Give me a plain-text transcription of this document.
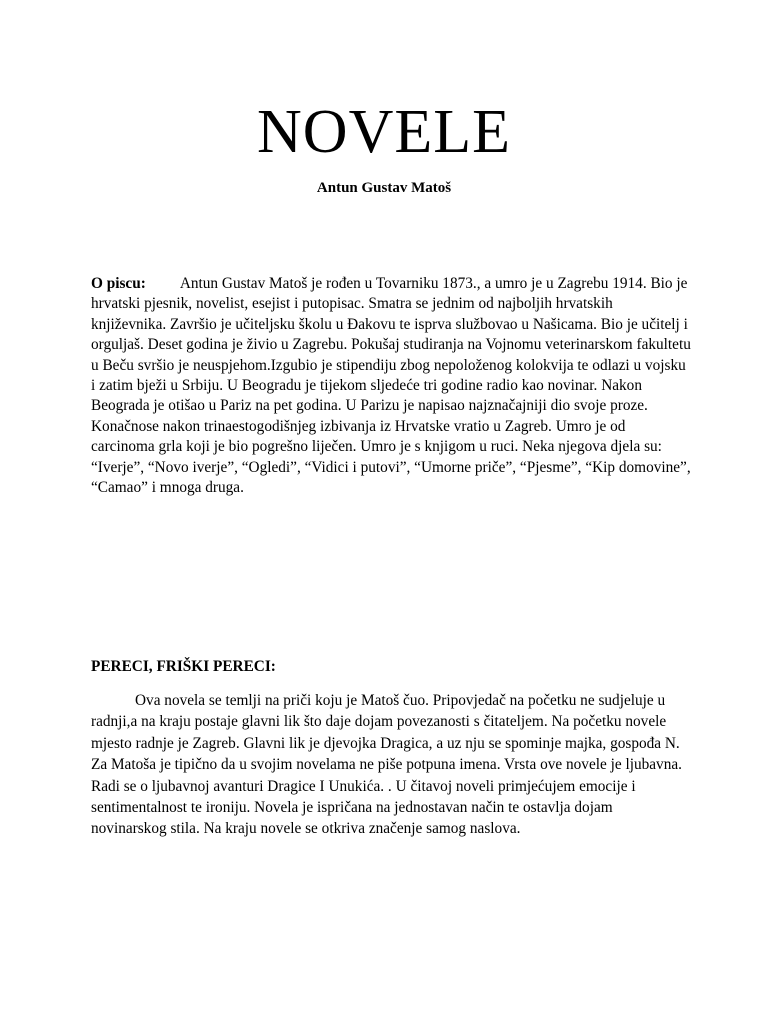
NOVELE
Antun Gustav Matoš

O piscu: Antun Gustav Matoš je rođen u Tovarniku 1873., a umro je u Zagrebu 1914. Bio je hrvatski pjesnik, novelist, esejist i putopisac. Smatra se jednim od najboljih hrvatskih književnika. Završio je učiteljsku školu u Đakovu te isprva službovao u Našicama. Bio je učitelj i orguljaš. Deset godina je živio u Zagrebu. Pokušaj studiranja na Vojnomu veterinarskom fakultetu u Beču svršio je neuspjehom.Izgubio je stipendiju zbog nepoloženog kolokvija te odlazi u vojsku i zatim bježi u Srbiju. U Beogradu je tijekom sljedeće tri godine radio kao novinar. Nakon Beograda je otišao u Pariz na pet godina. U Parizu je napisao najznačajniji dio svoje proze. Konačnose nakon trinaestogodišnjeg izbivanja iz Hrvatske vratio u Zagreb. Umro je od carcinoma grla koji je bio pogrešno liječen. Umro je s knjigom u ruci. Neka njegova djela su: “Iverje”, “Novo iverje”, “Ogledi”, “Vidici i putovi”, “Umorne priče”, “Pjesme”, “Kip domovine”, “Camao” i mnoga druga.

PERECI, FRIŠKI PERECI:

Ova novela se temlji na priči koju je Matoš čuo. Pripovjedač na početku ne sudjeluje u radnji,a na kraju postaje glavni lik što daje dojam povezanosti s čitateljem. Na početku novele mjesto radnje je Zagreb. Glavni lik je djevojka Dragica, a uz nju se spominje majka, gospođa N. Za Matoša je tipično da u svojim novelama ne piše potpuna imena. Vrsta ove novele je ljubavna. Radi se o ljubavnoj avanturi Dragice I Unukića. . U čitavoj noveli primjećujem emocije i sentimentalnost te ironiju. Novela je ispričana na jednostavan način te ostavlja dojam novinarskog stila. Na kraju novele se otkriva značenje samog naslova.
